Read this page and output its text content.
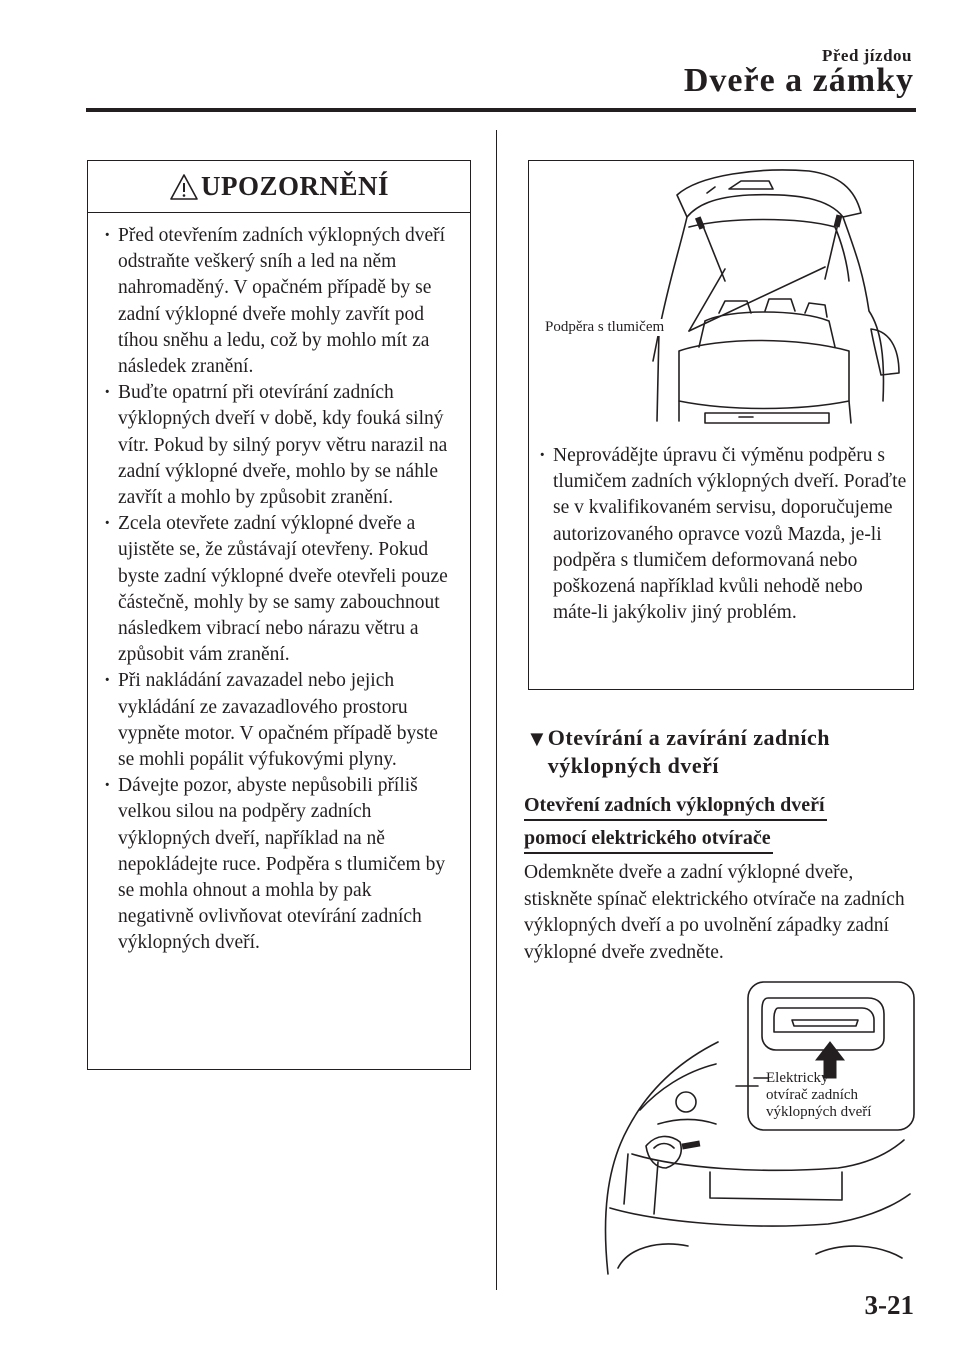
Před jízdou
Dveře a zámky
UPOZORNĚNÍ
· Před otevřením zadních výklopných dveří odstraňte veškerý sníh a led na něm nahromaděný. V opačném případě by se zadní výklopné dveře mohly zavřít pod tíhou sněhu a ledu, což by mohlo mít za následek zranění.
· Buďte opatrní při otevírání zadních výklopných dveří v době, kdy fouká silný vítr. Pokud by silný poryv větru narazil na zadní výklopné dveře, mohlo by se náhle zavřít a mohlo by způsobit zranění.
· Zcela otevřete zadní výklopné dveře a ujistěte se, že zůstávají otevřeny. Pokud byste zadní výklopné dveře otevřeli pouze částečně, mohly by se samy zabouchnout následkem vibrací nebo nárazu větru a způsobit vám zranění.
· Při nakládání zavazadel nebo jejich vykládání ze zavazadlového prostoru vypněte motor. V opačném případě byste se mohli popálit výfukovými plyny.
· Dávejte pozor, abyste nepůsobili příliš velkou silou na podpěry zadních výklopných dveří, například na ně nepokládejte ruce. Podpěra s tlumičem by se mohla ohnout a mohla by pak negativně ovlivňovat otevírání zadních výklopných dveří.
Podpěra s tlumičem
· Neprovádějte úpravu či výměnu podpěru s tlumičem zadních výklopných dveří. Poraďte se v kvalifikovaném servisu, doporučujeme autorizovaného opravce vozů Mazda, je-li podpěra s tlumičem deformovaná nebo poškozená například kvůli nehodě nebo máte-li jakýkoliv jiný problém.
▼ Otevírání a zavírání zadních výklopných dveří
Otevření zadních výklopných dveří
pomocí elektrického otvírače

Odemkněte dveře a zadní výklopné dveře, stiskněte spínač elektrického otvírače na zadních výklopných dveří a po uvolnění západky zadní výklopné dveře zvedněte.

Elektrický
otvírač zadních
výklopných dveří
3-21
